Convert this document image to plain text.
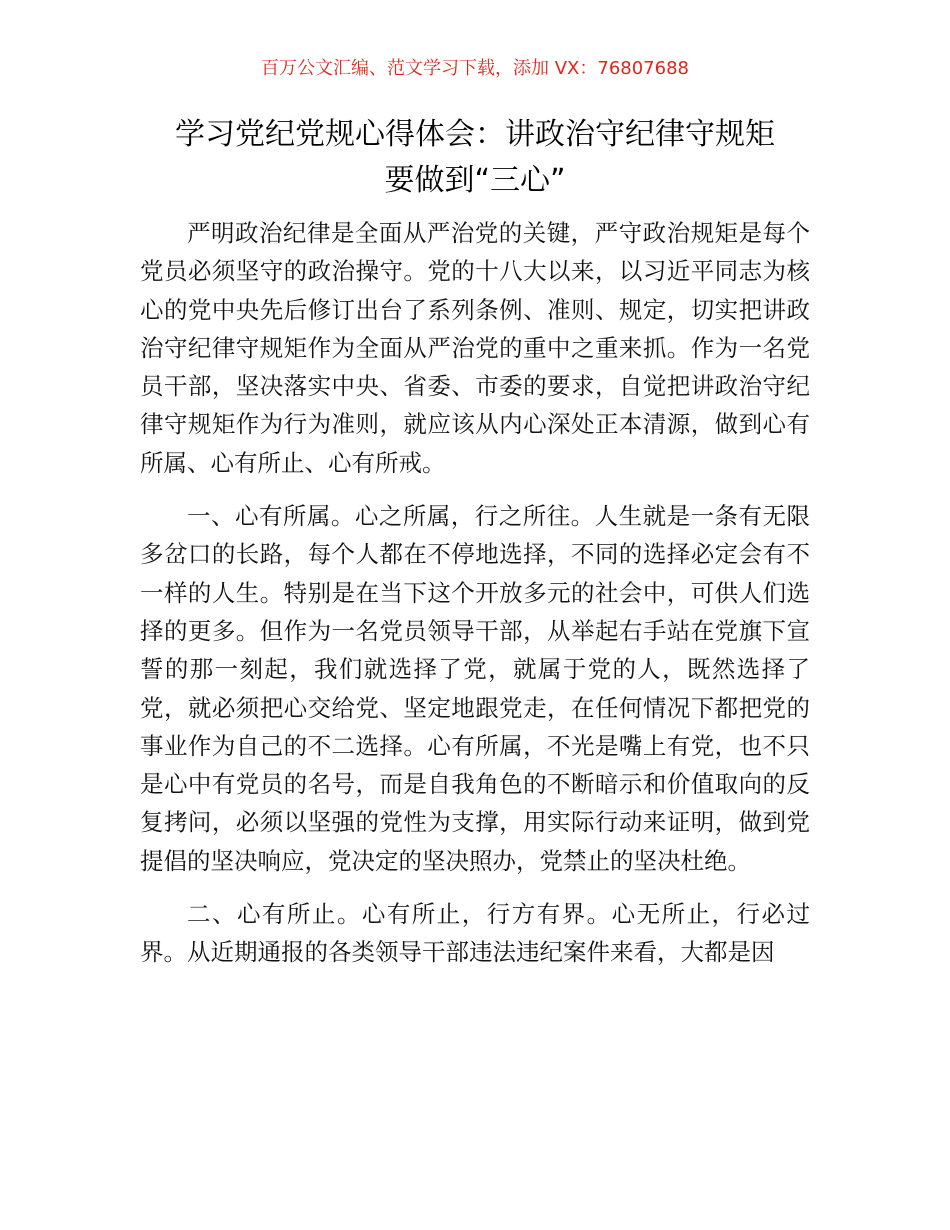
百万公文汇编、范文学习下载，添加 VX：76807688
学习党纪党规心得体会：讲政治守纪律守规矩
要做到“三心”

严明政治纪律是全面从严治党的关键，严守政治规矩是每个党员必须坚守的政治操守。党的十八大以来，以习近平同志为核心的党中央先后修订出台了系列条例、准则、规定，切实把讲政治守纪律守规矩作为全面从严治党的重中之重来抓。作为一名党员干部，坚决落实中央、省委、市委的要求，自觉把讲政治守纪律守规矩作为行为准则，就应该从内心深处正本清源，做到心有所属、心有所止、心有所戒。

一、心有所属。心之所属，行之所往。人生就是一条有无限多岔口的长路，每个人都在不停地选择，不同的选择必定会有不一样的人生。特别是在当下这个开放多元的社会中，可供人们选择的更多。但作为一名党员领导干部，从举起右手站在党旗下宣誓的那一刻起，我们就选择了党，就属于党的人，既然选择了党，就必须把心交给党、坚定地跟党走，在任何情况下都把党的事业作为自己的不二选择。心有所属，不光是嘴上有党，也不只是心中有党员的名号，而是自我角色的不断暗示和价值取向的反复拷问，必须以坚强的党性为支撑，用实际行动来证明，做到党提倡的坚决响应，党决定的坚决照办，党禁止的坚决杜绝。

二、心有所止。心有所止，行方有界。心无所止，行必过界。从近期通报的各类领导干部违法违纪案件来看，大都是因
